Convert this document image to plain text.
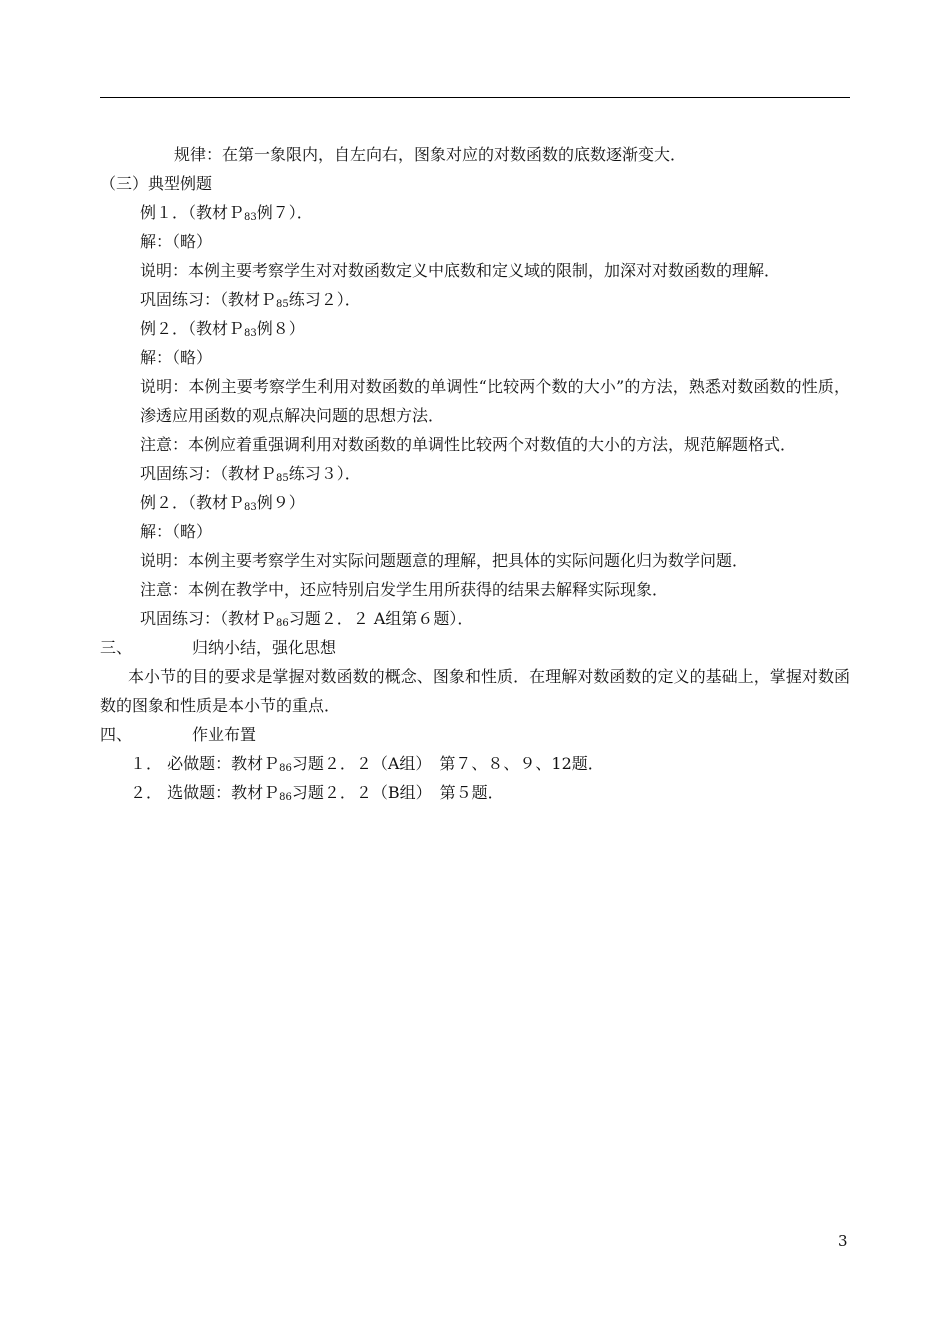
规律：在第一象限内，自左向右，图象对应的对数函数的底数逐渐变大．
（三）典型例题
例１．（教材Ｐ$_{83}$例７）．
解：（略）
说明：本例主要考察学生对对数函数定义中底数和定义域的限制，加深对对数函数的理解．
巩固练习：（教材Ｐ$_{85}$练习２）．
例２．（教材Ｐ$_{83}$例８）
解：（略）
说明：本例主要考察学生利用对数函数的单调性“比较两个数的大小”的方法，熟悉对数函数的性质，渗透应用函数的观点解决问题的思想方法．
注意：本例应着重强调利用对数函数的单调性比较两个对数值的大小的方法，规范解题格式．
巩固练习：（教材Ｐ$_{85}$练习３）．
例２．（教材Ｐ$_{83}$例９）
解：（略）
说明：本例主要考察学生对实际问题题意的理解，把具体的实际问题化归为数学问题．
注意：本例在教学中，还应特别启发学生用所获得的结果去解释实际现象．
巩固练习：（教材Ｐ$_{86}$习题２．２ A组第６题）．
三、	归纳小结，强化思想
本小节的目的要求是掌握对数函数的概念、图象和性质．在理解对数函数的定义的基础上，掌握对数函数的图象和性质是本小节的重点．
四、	作业布置
１． 必做题：教材Ｐ$_{86}$习题２．２（A组）　第７、８、９、12题．
２． 选做题：教材Ｐ$_{86}$习题２．２（B组）　第５题．
3
